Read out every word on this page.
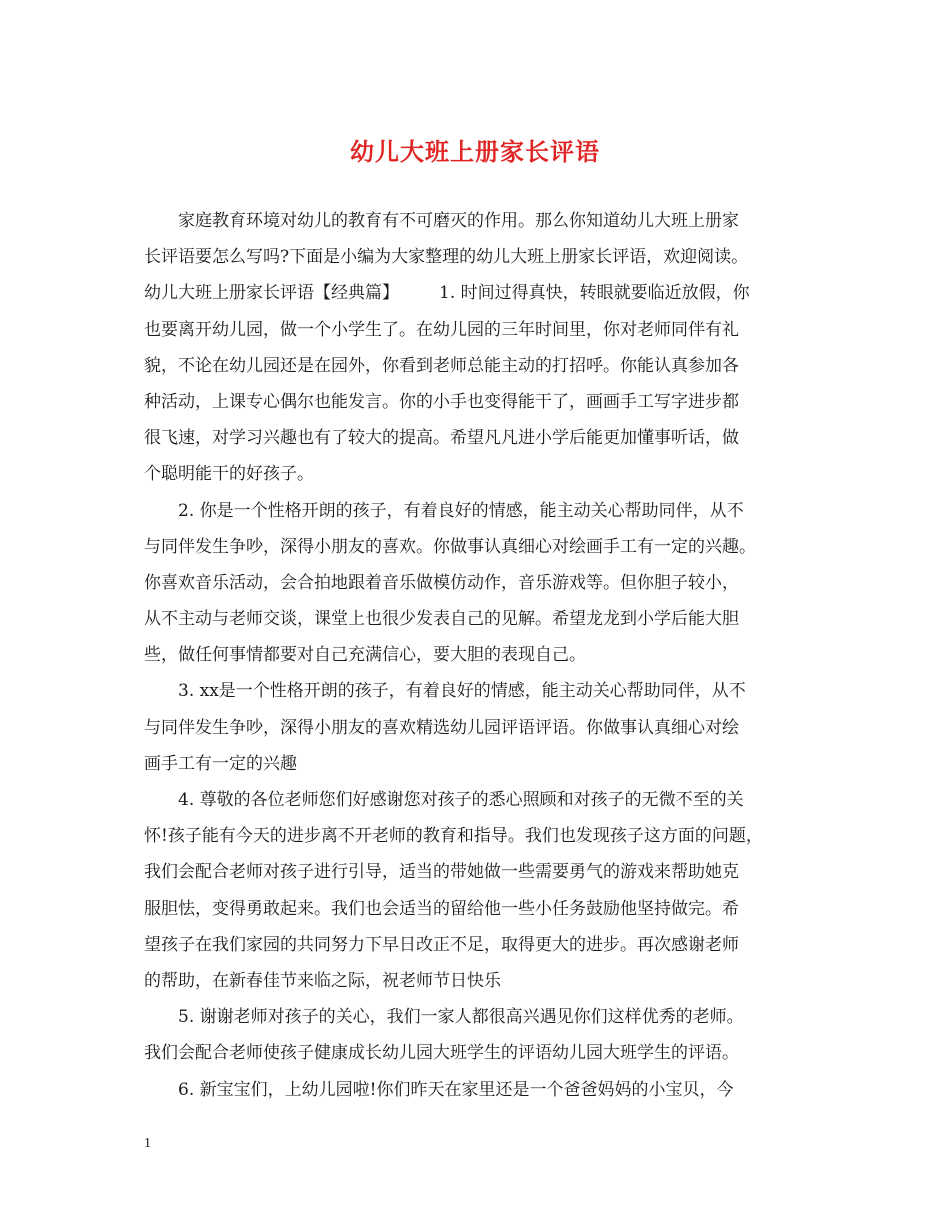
幼儿大班上册家长评语
家庭教育环境对幼儿的教育有不可磨灭的作用。那么你知道幼儿大班上册家
长评语要怎么写吗?下面是小编为大家整理的幼儿大班上册家长评语，欢迎阅读。
幼儿大班上册家长评语【经典篇】 1. 时间过得真快，转眼就要临近放假，你
也要离开幼儿园，做一个小学生了。在幼儿园的三年时间里，你对老师同伴有礼
貌，不论在幼儿园还是在园外，你看到老师总能主动的打招呼。你能认真参加各
种活动，上课专心偶尔也能发言。你的小手也变得能干了，画画手工写字进步都
很飞速，对学习兴趣也有了较大的提高。希望凡凡进小学后能更加懂事听话，做
个聪明能干的好孩子。
2. 你是一个性格开朗的孩子，有着良好的情感，能主动关心帮助同伴，从不
与同伴发生争吵，深得小朋友的喜欢。你做事认真细心对绘画手工有一定的兴趣。
你喜欢音乐活动，会合拍地跟着音乐做模仿动作，音乐游戏等。但你胆子较小，
从不主动与老师交谈，课堂上也很少发表自己的见解。希望龙龙到小学后能大胆
些，做任何事情都要对自己充满信心，要大胆的表现自己。
3. xx是一个性格开朗的孩子，有着良好的情感，能主动关心帮助同伴，从不
与同伴发生争吵，深得小朋友的喜欢精选幼儿园评语评语。你做事认真细心对绘
画手工有一定的兴趣
4. 尊敬的各位老师您们好感谢您对孩子的悉心照顾和对孩子的无微不至的关
怀!孩子能有今天的进步离不开老师的教育和指导。我们也发现孩子这方面的问题，
我们会配合老师对孩子进行引导，适当的带她做一些需要勇气的游戏来帮助她克
服胆怯，变得勇敢起来。我们也会适当的留给他一些小任务鼓励他坚持做完。希
望孩子在我们家园的共同努力下早日改正不足，取得更大的进步。再次感谢老师
的帮助，在新春佳节来临之际，祝老师节日快乐
5. 谢谢老师对孩子的关心，我们一家人都很高兴遇见你们这样优秀的老师。
我们会配合老师使孩子健康成长幼儿园大班学生的评语幼儿园大班学生的评语。
6. 新宝宝们，上幼儿园啦!你们昨天在家里还是一个爸爸妈妈的小宝贝，今
1
